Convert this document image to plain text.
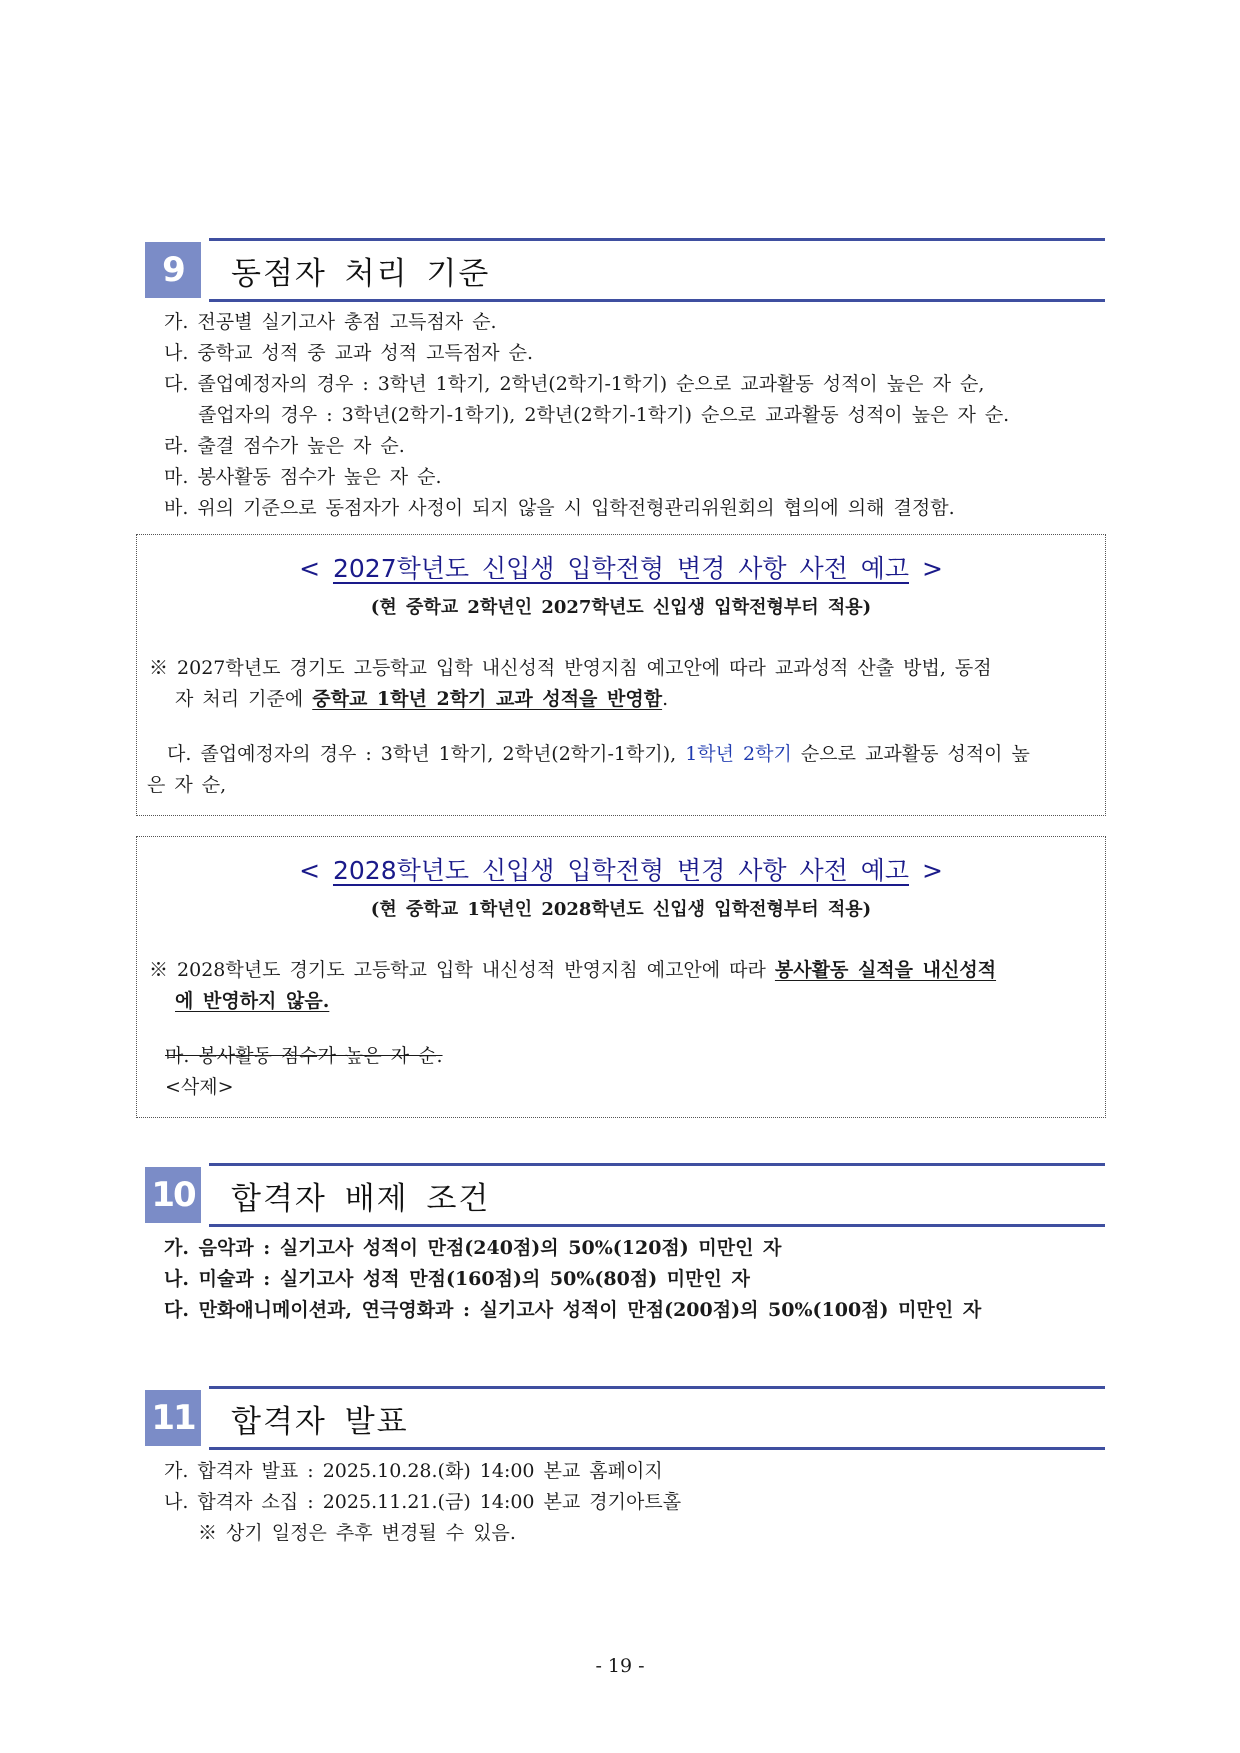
9	동점자 처리 기준
가. 전공별 실기고사 총점 고득점자 순.
나. 중학교 성적 중 교과 성적 고득점자 순.
다. 졸업예정자의 경우 : 3학년 1학기, 2학년(2학기-1학기) 순으로 교과활동 성적이 높은 자 순,
졸업자의 경우 : 3학년(2학기-1학기), 2학년(2학기-1학기) 순으로 교과활동 성적이 높은 자 순.
라. 출결 점수가 높은 자 순.
마. 봉사활동 점수가 높은 자 순.
바. 위의 기준으로 동점자가 사정이 되지 않을 시 입학전형관리위원회의 협의에 의해 결정함.
< 2027학년도 신입생 입학전형 변경 사항 사전 예고 >
(현 중학교 2학년인 2027학년도 신입생 입학전형부터 적용)
※ 2027학년도 경기도 고등학교 입학 내신성적 반영지침 예고안에 따라 교과성적 산출 방법, 동점
자 처리 기준에 중학교 1학년 2학기 교과 성적을 반영함.
다. 졸업예정자의 경우 : 3학년 1학기, 2학년(2학기-1학기), 1학년 2학기 순으로 교과활동 성적이 높
은 자 순,
< 2028학년도 신입생 입학전형 변경 사항 사전 예고 >
(현 중학교 1학년인 2028학년도 신입생 입학전형부터 적용)
※ 2028학년도 경기도 고등학교 입학 내신성적 반영지침 예고안에 따라 봉사활동 실적을 내신성적
에 반영하지 않음.
마. 봉사활동 점수가 높은 자 순.
<삭제>
10 합격자 배제 조건
가. 음악과 : 실기고사 성적이 만점(240점)의 50%(120점) 미만인 자
나. 미술과 : 실기고사 성적 만점(160점)의 50%(80점) 미만인 자
다. 만화애니메이션과, 연극영화과 : 실기고사 성적이 만점(200점)의 50%(100점) 미만인 자
11 합격자 발표
가. 합격자 발표 : 2025.10.28.(화) 14:00 본교 홈페이지
나. 합격자 소집 : 2025.11.21.(금) 14:00 본교 경기아트홀
※ 상기 일정은 추후 변경될 수 있음.
- 19 -
